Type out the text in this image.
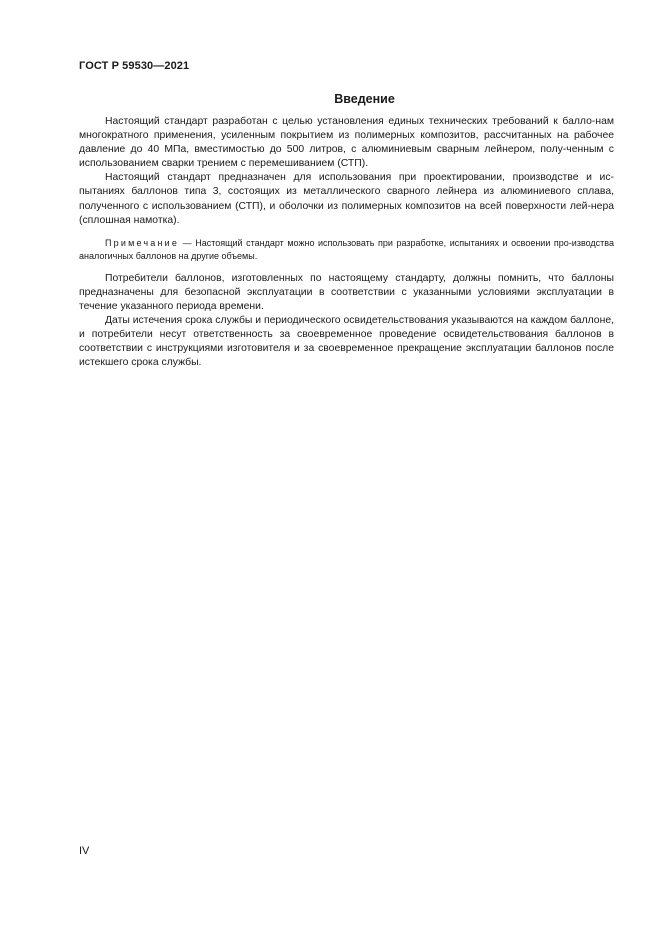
ГОСТ Р 59530—2021
Введение

Настоящий стандарт разработан с целью установления единых технических требований к балло-нам многократного применения, усиленным покрытием из полимерных композитов, рассчитанных на рабочее давление до 40 МПа, вместимостью до 500 литров, с алюминиевым сварным лейнером, полу-ченным с использованием сварки трением с перемешиванием (СТП).

Настоящий стандарт предназначен для использования при проектировании, производстве и ис-пытаниях баллонов типа 3, состоящих из металлического сварного лейнера из алюминиевого сплава, полученного с использованием (СТП), и оболочки из полимерных композитов на всей поверхности лей-нера (сплошная намотка).

Примечание — Настоящий стандарт можно использовать при разработке, испытаниях и освоении про-изводства аналогичных баллонов на другие объемы.

Потребители баллонов, изготовленных по настоящему стандарту, должны помнить, что баллоны предназначены для безопасной эксплуатации в соответствии с указанными условиями эксплуатации в течение указанного периода времени.

Даты истечения срока службы и периодического освидетельствования указываются на каждом баллоне, и потребители несут ответственность за своевременное проведение освидетельствования баллонов в соответствии с инструкциями изготовителя и за своевременное прекращение эксплуатации баллонов после истекшего срока службы.

IV
